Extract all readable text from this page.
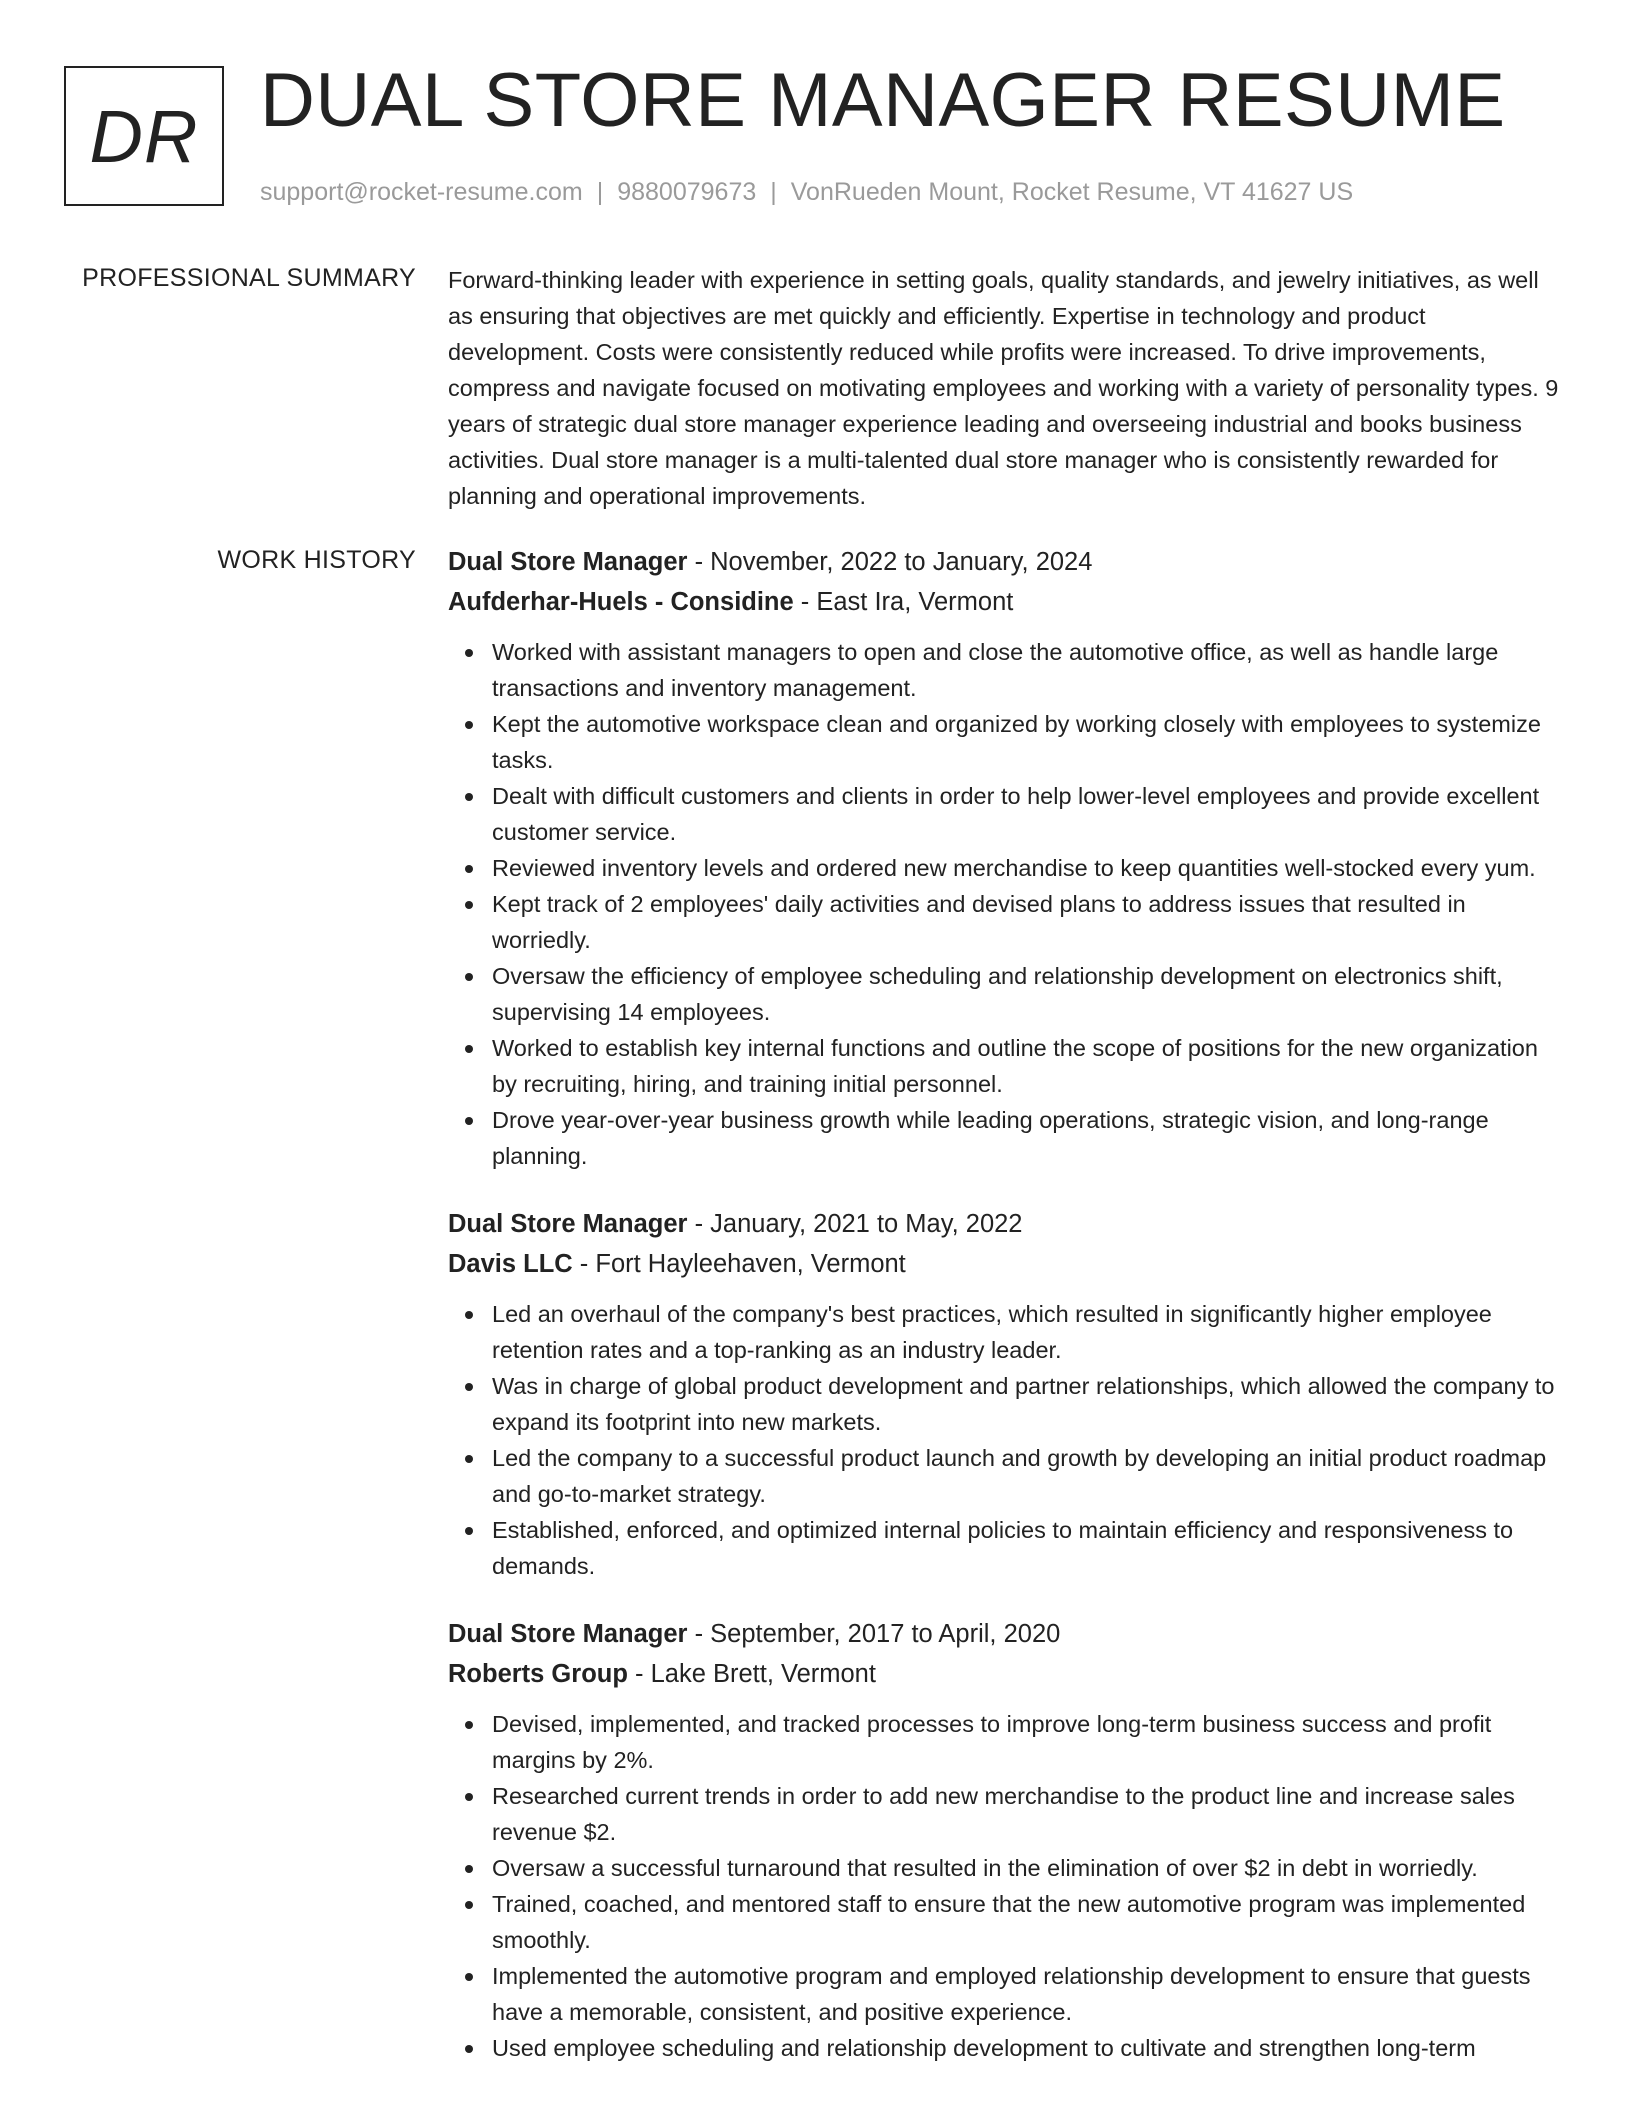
DR DUAL STORE MANAGER RESUME
support@rocket-resume.com | 9880079673 | VonRueden Mount, Rocket Resume, VT 41627 US
PROFESSIONAL SUMMARY Forward-thinking leader with experience in setting goals, quality standards, and jewelry initiatives, as well as ensuring that objectives are met quickly and efficiently. Expertise in technology and product development. Costs were consistently reduced while profits were increased. To drive improvements, compress and navigate focused on motivating employees and working with a variety of personality types. 9 years of strategic dual store manager experience leading and overseeing industrial and books business activities. Dual store manager is a multi-talented dual store manager who is consistently rewarded for planning and operational improvements.

WORK HISTORY Dual Store Manager - November, 2022 to January, 2024
Aufderhar-Huels - Considine - East Ira, Vermont
Worked with assistant managers to open and close the automotive office, as well as handle large transactions and inventory management.
Kept the automotive workspace clean and organized by working closely with employees to systemize tasks.
Dealt with difficult customers and clients in order to help lower-level employees and provide excellent customer service.
Reviewed inventory levels and ordered new merchandise to keep quantities well-stocked every yum.
Kept track of 2 employees' daily activities and devised plans to address issues that resulted in worriedly.
Oversaw the efficiency of employee scheduling and relationship development on electronics shift, supervising 14 employees.
Worked to establish key internal functions and outline the scope of positions for the new organization by recruiting, hiring, and training initial personnel.
Drove year-over-year business growth while leading operations, strategic vision, and long-range planning.
Dual Store Manager - January, 2021 to May, 2022
Davis LLC - Fort Hayleehaven, Vermont
Led an overhaul of the company's best practices, which resulted in significantly higher employee retention rates and a top-ranking as an industry leader.
Was in charge of global product development and partner relationships, which allowed the company to expand its footprint into new markets.
Led the company to a successful product launch and growth by developing an initial product roadmap and go-to-market strategy.
Established, enforced, and optimized internal policies to maintain efficiency and responsiveness to demands.
Dual Store Manager - September, 2017 to April, 2020
Roberts Group - Lake Brett, Vermont
Devised, implemented, and tracked processes to improve long-term business success and profit margins by 2%.
Researched current trends in order to add new merchandise to the product line and increase sales revenue $2.
Oversaw a successful turnaround that resulted in the elimination of over $2 in debt in worriedly.
Trained, coached, and mentored staff to ensure that the new automotive program was implemented smoothly.
Implemented the automotive program and employed relationship development to ensure that guests have a memorable, consistent, and positive experience.
Used employee scheduling and relationship development to cultivate and strengthen long-term
